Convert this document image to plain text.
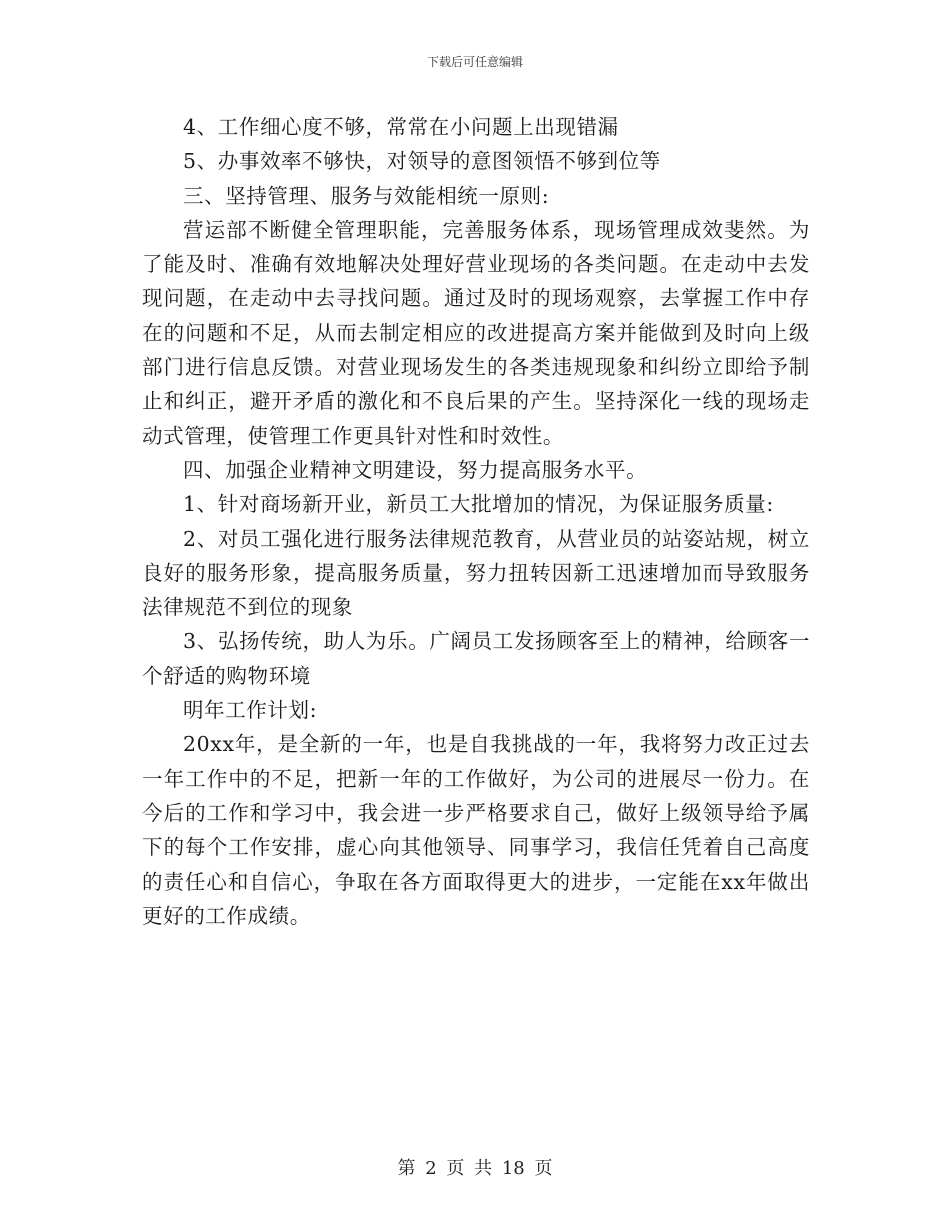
下载后可任意编辑

4、工作细心度不够，常常在小问题上出现错漏

5、办事效率不够快，对领导的意图领悟不够到位等

三、坚持管理、服务与效能相统一原则:

营运部不断健全管理职能，完善服务体系，现场管理成效斐然。为了能及时、准确有效地解决处理好营业现场的各类问题。在走动中去发现问题，在走动中去寻找问题。通过及时的现场观察，去掌握工作中存在的问题和不足，从而去制定相应的改进提高方案并能做到及时向上级部门进行信息反馈。对营业现场发生的各类违规现象和纠纷立即给予制止和纠正，避开矛盾的激化和不良后果的产生。坚持深化一线的现场走动式管理，使管理工作更具针对性和时效性。

四、加强企业精神文明建设，努力提高服务水平。

1、针对商场新开业，新员工大批增加的情况，为保证服务质量:

2、对员工强化进行服务法律规范教育，从营业员的站姿站规，树立良好的服务形象，提高服务质量，努力扭转因新工迅速增加而导致服务法律规范不到位的现象

3、弘扬传统，助人为乐。广阔员工发扬顾客至上的精神，给顾客一个舒适的购物环境

明年工作计划:

20xx年，是全新的一年，也是自我挑战的一年，我将努力改正过去一年工作中的不足，把新一年的工作做好，为公司的进展尽一份力。在今后的工作和学习中，我会进一步严格要求自己，做好上级领导给予属下的每个工作安排，虚心向其他领导、同事学习，我信任凭着自己高度的责任心和自信心，争取在各方面取得更大的进步，一定能在xx年做出更好的工作成绩。

第 2 页 共 18 页
